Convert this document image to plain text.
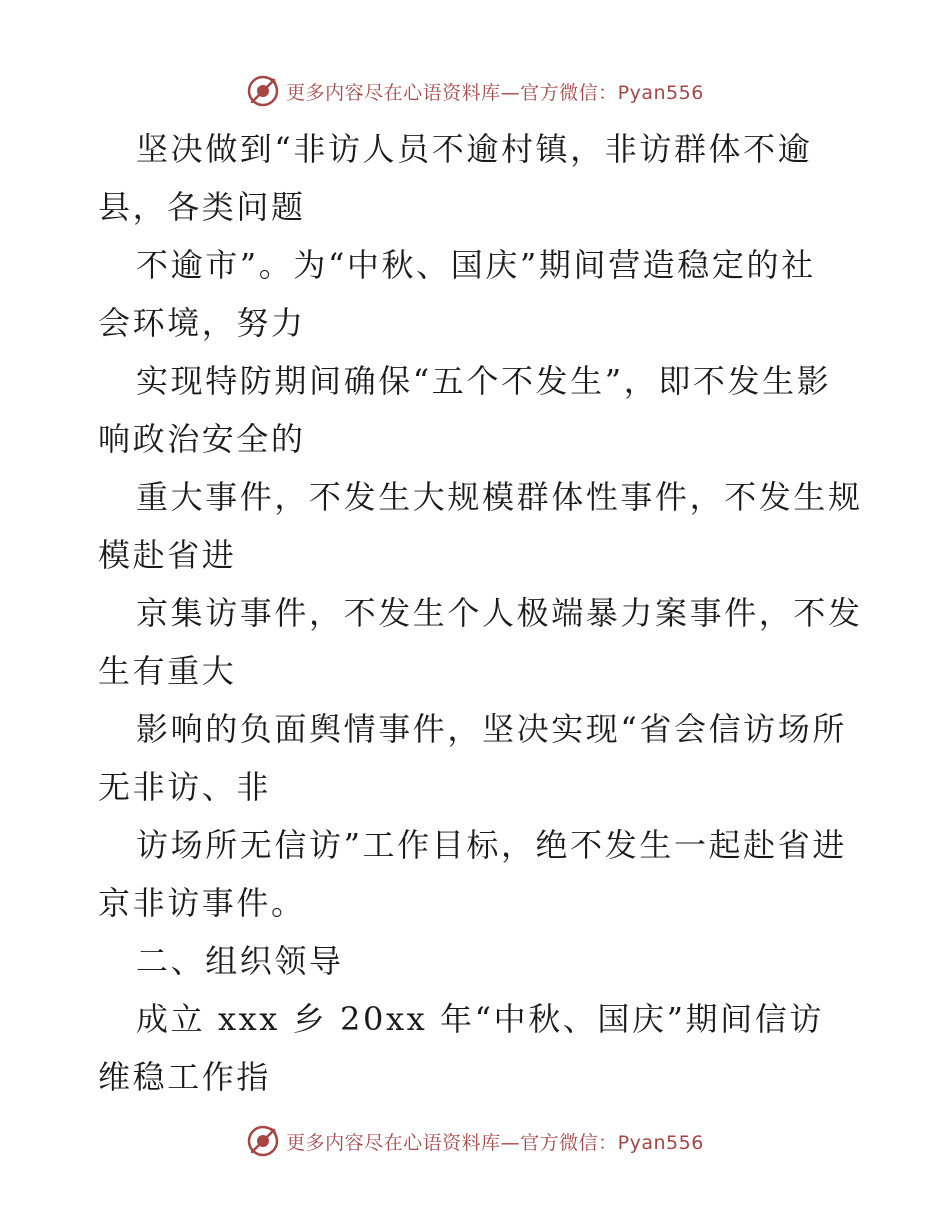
更多内容尽在心语资料库—官方微信：Pyan556
坚决做到“非访人员不逾村镇，非访群体不逾
县，各类问题
不逾市”。为“中秋、国庆”期间营造稳定的社
会环境，努力
实现特防期间确保“五个不发生”，即不发生影
响政治安全的
重大事件，不发生大规模群体性事件，不发生规
模赴省进
京集访事件，不发生个人极端暴力案事件，不发
生有重大
影响的负面舆情事件，坚决实现“省会信访场所
无非访、非
访场所无信访”工作目标，绝不发生一起赴省进
京非访事件。
二、组织领导
成立 xxx 乡 20xx 年“中秋、国庆”期间信访
维稳工作指
更多内容尽在心语资料库—官方微信：Pyan556
